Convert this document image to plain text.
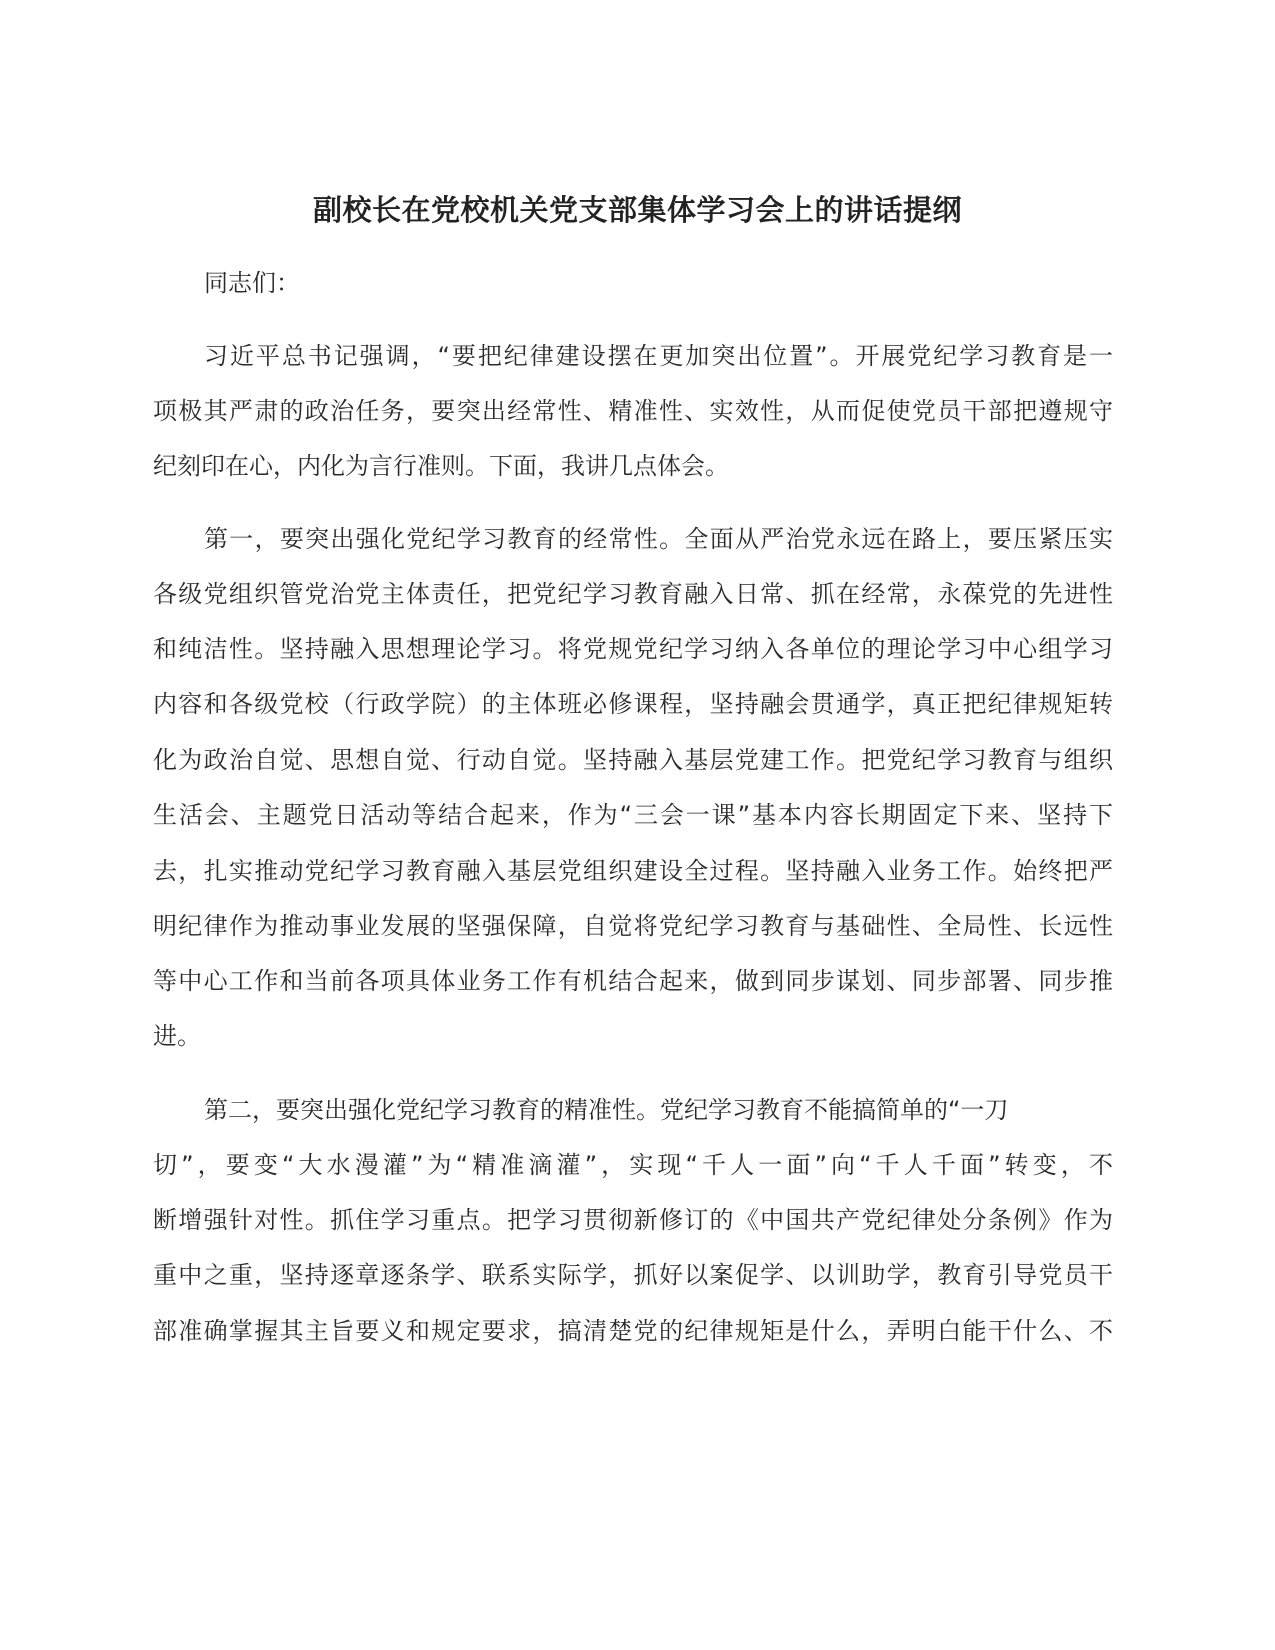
副校长在党校机关党支部集体学习会上的讲话提纲
同志们：
习近平总书记强调，“要把纪律建设摆在更加突出位置”。开展党纪学习教育是一
项极其严肃的政治任务，要突出经常性、精准性、实效性，从而促使党员干部把遵规守
纪刻印在心，内化为言行准则。下面，我讲几点体会。
第一，要突出强化党纪学习教育的经常性。全面从严治党永远在路上，要压紧压实
各级党组织管党治党主体责任，把党纪学习教育融入日常、抓在经常，永葆党的先进性
和纯洁性。坚持融入思想理论学习。将党规党纪学习纳入各单位的理论学习中心组学习
内容和各级党校（行政学院）的主体班必修课程，坚持融会贯通学，真正把纪律规矩转
化为政治自觉、思想自觉、行动自觉。坚持融入基层党建工作。把党纪学习教育与组织
生活会、主题党日活动等结合起来，作为“三会一课”基本内容长期固定下来、坚持下
去，扎实推动党纪学习教育融入基层党组织建设全过程。坚持融入业务工作。始终把严
明纪律作为推动事业发展的坚强保障，自觉将党纪学习教育与基础性、全局性、长远性
等中心工作和当前各项具体业务工作有机结合起来，做到同步谋划、同步部署、同步推
进。
第二，要突出强化党纪学习教育的精准性。党纪学习教育不能搞简单的“一刀
切”，要变“大水漫灌”为“精准滴灌”，实现“千人一面”向“千人千面”转变，不
断增强针对性。抓住学习重点。把学习贯彻新修订的《中国共产党纪律处分条例》作为
重中之重，坚持逐章逐条学、联系实际学，抓好以案促学、以训助学，教育引导党员干
部准确掌握其主旨要义和规定要求，搞清楚党的纪律规矩是什么，弄明白能干什么、不
